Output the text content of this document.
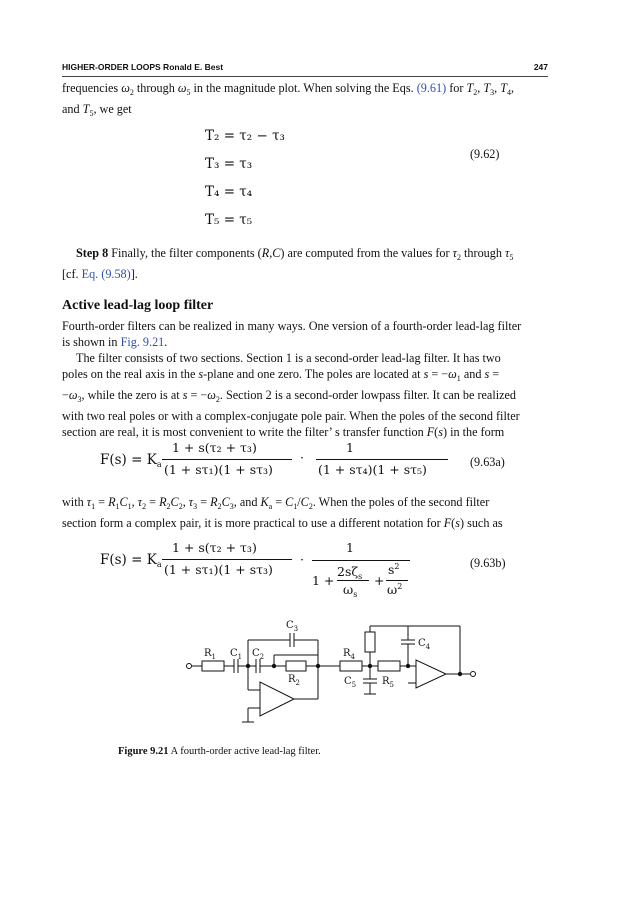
HIGHER-ORDER LOOPS Ronald E. Best	247
frequencies $\omega_2$ through $\omega_5$ in the magnitude plot. When solving the Eqs. (9.61) for $T_2$, $T_3$, $T_4$,
and $T_5$, we get
T₂ = τ₂ − τ₃
T₃ = τ₃
T₄ = τ₄
T₅ = τ₅
(9.62)
Step 8 Finally, the filter components (R,C) are computed from the values for $\tau_2$ through $\tau_5$
[cf. Eq. (9.58)].
Active lead-lag loop filter
Fourth-order filters can be realized in many ways. One version of a fourth-order lead-lag filter
is shown in Fig. 9.21.
The filter consists of two sections. Section 1 is a second-order lead-lag filter. It has two
poles on the real axis in the s-plane and one zero. The poles are located at $s = -\omega_1$ and s =
$-\omega_3$, while the zero is at $s = -\omega_2$. Section 2 is a second-order lowpass filter. It can be realized
with two real poles or with a complex-conjugate pole pair. When the poles of the second filter
section are real, it is most convenient to write the filter’ s transfer function F(s) in the form
$F(s) = K_a$
1 + s(τ₂ + τ₃)
(1 + sτ₁)(1 + sτ₃)
·
1
(1 + sτ₄)(1 + sτ₅)	(9.63a)
with $\tau_1 = R_1C_1$, $\tau_2 = R_2C_2$, $\tau_3 = R_2C_3$, and $K_a = C_1/C_2$. When the poles of the second filter
section form a complex pair, it is more practical to use a different notation for F(s) such as
$F(s) = K_a$
1 + s(τ₂ + τ₃)
(1 + sτ₁)(1 + sτ₃)
·
1
1 +
$2s\zeta_s$
$\omega_s$
+
$s^2$
$\omega^2$
(9.63b)
$R_1$ $C_1$ $C_2$
$C_3$
$R_2$
$R_4$
$C_4$
$C_5$	$R_5$
Figure 9.21 A fourth-order active lead-lag filter.
